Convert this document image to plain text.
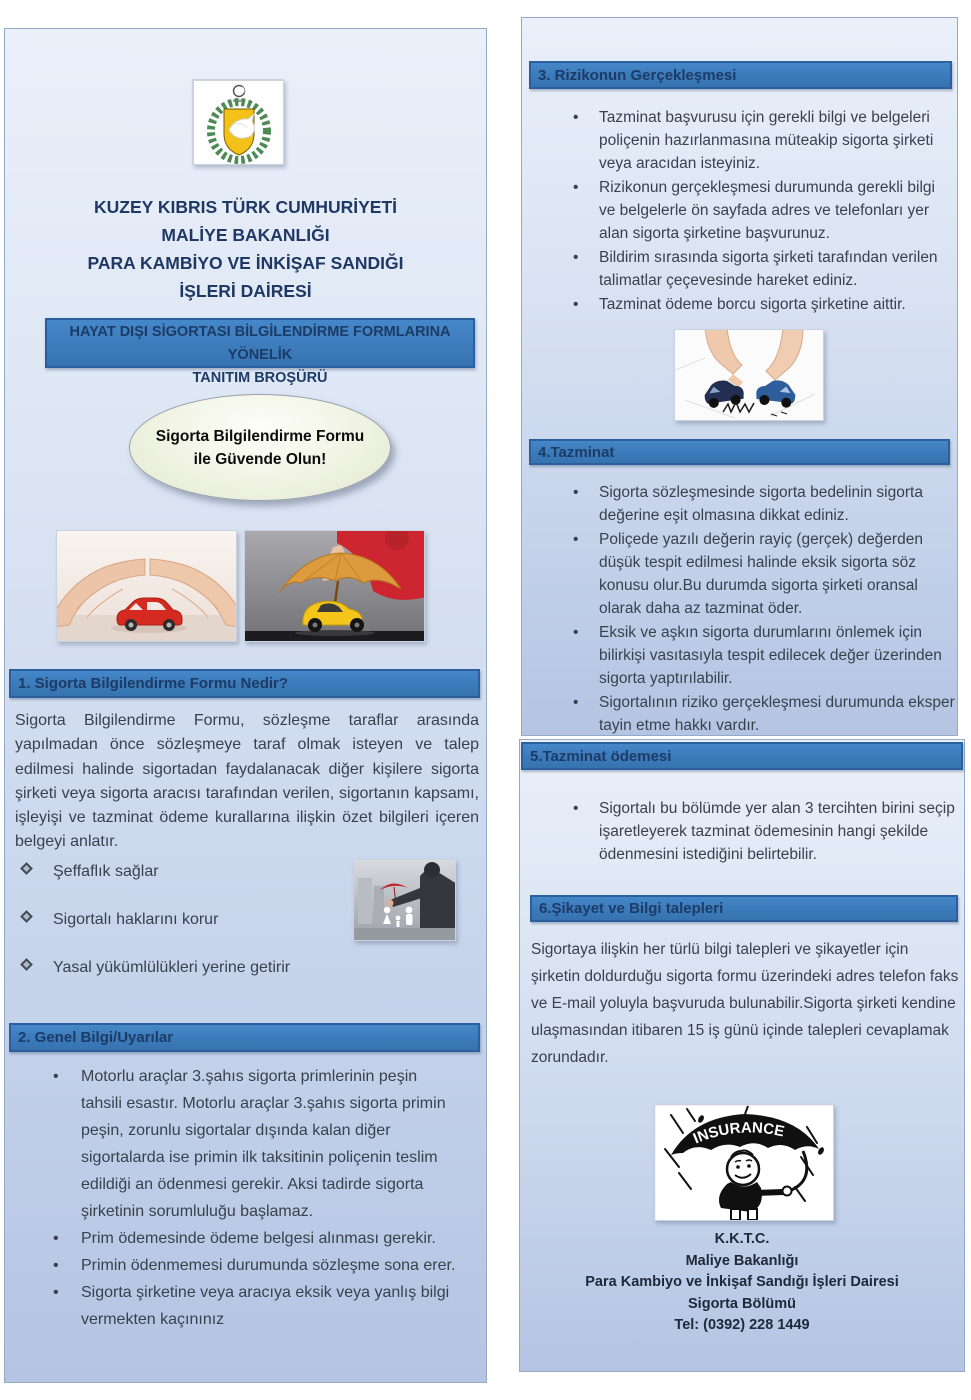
KUZEY KIBRIS TÜRK CUMHURİYETİ
MALİYE BAKANLIĞI
PARA KAMBİYO VE İNKİŞAF SANDIĞI
İŞLERİ DAİRESİ
HAYAT DIŞI SİGORTASI BİLGİLENDİRME FORMLARINA YÖNELİK
TANITIM BROŞÜRÜ
Sigorta Bilgilendirme Formu
ile Güvende Olun!
1. Sigorta Bilgilendirme Formu Nedir?
Sigorta Bilgilendirme Formu, sözleşme taraflar arasında yapılmadan önce sözleşmeye taraf olmak isteyen ve talep edilmesi halinde sigortadan faydalanacak diğer kişilere sigorta şirketi veya sigorta aracısı tarafından verilen, sigortanın kapsamı, işleyişi ve tazminat ödeme kurallarına ilişkin özet bilgileri içeren belgeyi anlatır.
Şeffaflık sağlar
Sigortalı haklarını korur
Yasal yükümlülükleri yerine getirir
2. Genel Bilgi/Uyarılar
• Motorlu araçlar 3.şahıs sigorta primlerinin peşin tahsili esastır. Motorlu araçlar 3.şahıs sigorta primin peşin, zorunlu sigortalar dışında kalan diğer sigortalarda ise primin ilk taksitinin poliçenin teslim edildiği an ödenmesi gerekir. Aksi tadirde sigorta şirketinin sorumluluğu başlamaz.
• Prim ödemesinde ödeme belgesi alınması gerekir.
• Primin ödenmemesi durumunda sözleşme sona erer.
• Sigorta şirketine veya aracıya eksik veya yanlış bilgi vermekten kaçınınız
3. Rizikonun Gerçekleşmesi
• Tazminat başvurusu için gerekli bilgi ve belgeleri poliçenin hazırlanmasına müteakip sigorta şirketi veya aracıdan isteyiniz.
• Rizikonun gerçekleşmesi durumunda gerekli bilgi ve belgelerle ön sayfada adres ve telefonları yer alan sigorta şirketine başvurunuz.
• Bildirim sırasında sigorta şirketi tarafından verilen talimatlar çeçevesinde hareket ediniz.
• Tazminat ödeme borcu sigorta şirketine aittir.
4.Tazminat
• Sigorta sözleşmesinde sigorta bedelinin sigorta değerine eşit olmasına dikkat ediniz.
• Poliçede yazılı değerin rayiç (gerçek) değerden düşük tespit edilmesi halinde eksik sigorta söz konusu olur.Bu durumda sigorta şirketi oransal olarak daha az tazminat öder.
• Eksik ve aşkın sigorta durumlarını önlemek için bilirkişi vasıtasıyla tespit edilecek değer üzerinden sigorta yaptırılabilir.
• Sigortalının riziko gerçekleşmesi durumunda eksper tayin etme hakkı vardır.
5.Tazminat ödemesi
• Sigortalı bu bölümde yer alan 3 tercihten birini seçip işaretleyerek tazminat ödemesinin hangi şekilde ödenmesini istediğini belirtebilir.
6.Şikayet ve Bilgi talepleri
Sigortaya ilişkin her türlü bilgi talepleri ve şikayetler için şirketin doldurduğu sigorta formu üzerindeki adres telefon faks ve E-mail yoluyla başvuruda bulunabilir.Sigorta şirketi kendine ulaşmasından itibaren 15 iş günü içinde talepleri cevaplamak zorundadır.
INSURANCE
K.K.T.C.
Maliye Bakanlığı
Para Kambiyo ve İnkişaf Sandığı İşleri Dairesi
Sigorta Bölümü
Tel: (0392) 228 1449
